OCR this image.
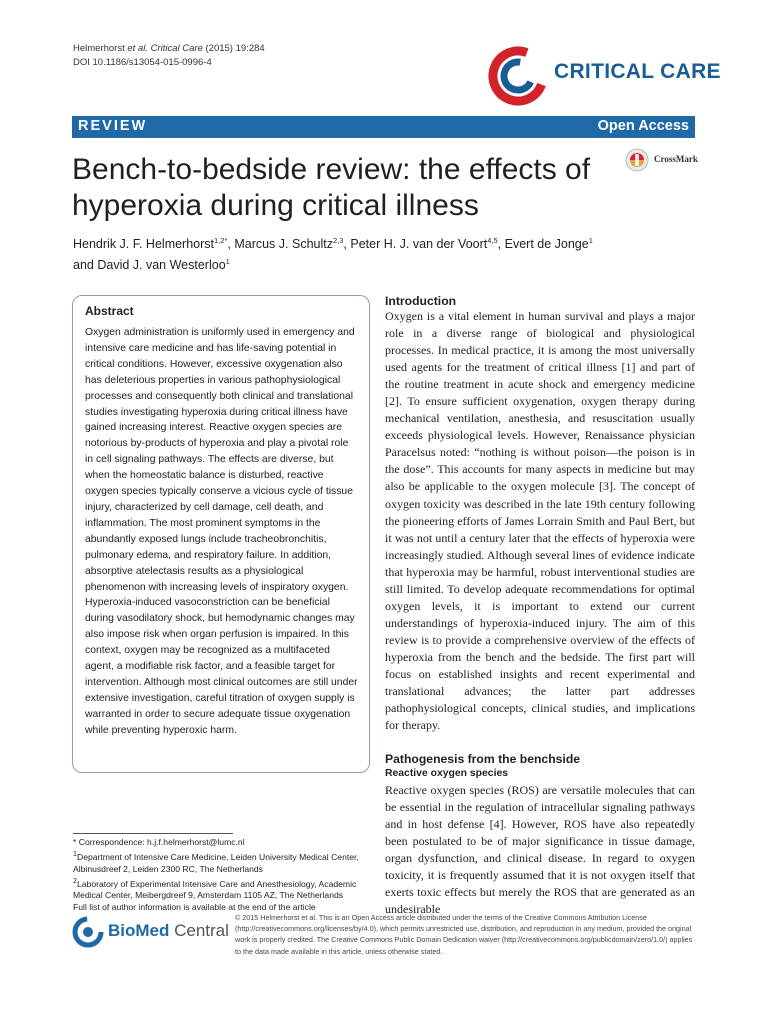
Helmerhorst et al. Critical Care (2015) 19:284
DOI 10.1186/s13054-015-0996-4	CRITICAL CARE
REVIEW	Open Access
Bench-to-bedside review: the effects of
hyperoxia during critical illness
CrossMark
Hendrik J. F. Helmerhorst$^{1,2*}$, Marcus J. Schultz$^{2,3}$, Peter H. J. van der Voort$^{4,5}$, Evert de Jonge$^1$
and David J. van Westerloo$^1$
Abstract
Oxygen administration is uniformly used in emergency and intensive care medicine and has life-saving potential in critical conditions. However, excessive oxygenation also has deleterious properties in various pathophysiological processes and consequently both clinical and translational studies investigating hyperoxia during critical illness have gained increasing interest. Reactive oxygen species are notorious by-products of hyperoxia and play a pivotal role in cell signaling pathways. The effects are diverse, but when the homeostatic balance is disturbed, reactive oxygen species typically conserve a vicious cycle of tissue injury, characterized by cell damage, cell death, and inflammation. The most prominent symptoms in the abundantly exposed lungs include tracheobronchitis, pulmonary edema, and respiratory failure. In addition, absorptive atelectasis results as a physiological phenomenon with increasing levels of inspiratory oxygen. Hyperoxia-induced vasoconstriction can be beneficial during vasodilatory shock, but hemodynamic changes may also impose risk when organ perfusion is impaired. In this context, oxygen may be recognized as a multifaceted agent, a modifiable risk factor, and a feasible target for intervention. Although most clinical outcomes are still under extensive investigation, careful titration of oxygen supply is warranted in order to secure adequate tissue oxygenation while preventing hyperoxic harm.
* Correspondence: h.j.f.helmerhorst@lumc.nl
$^1$Department of Intensive Care Medicine, Leiden University Medical Center, Albinusdreef 2, Leiden 2300 RC, The Netherlands
$^2$Laboratory of Experimental Intensive Care and Anesthesiology, Academic Medical Center, Meibergdreef 9, Amsterdam 1105 AZ, The Netherlands
Full list of author information is available at the end of the article
BioMed Central
© 2015 Helmerhorst et al. This is an Open Access article distributed under the terms of the Creative Commons Attribution License (http://creativecommons.org/licenses/by/4.0), which permits unrestricted use, distribution, and reproduction in any medium, provided the original work is properly credited. The Creative Commons Public Domain Dedication waiver (http://creativecommons.org/publicdomain/zero/1.0/) applies to the data made available in this article, unless otherwise stated.
Introduction
Oxygen is a vital element in human survival and plays a major role in a diverse range of biological and physiological processes. In medical practice, it is among the most universally used agents for the treatment of critical illness [1] and part of the routine treatment in acute shock and emergency medicine [2]. To ensure sufficient oxygenation, oxygen therapy during mechanical ventilation, anesthesia, and resuscitation usually exceeds physiological levels. However, Renaissance physician Paracelsus noted: “nothing is without poison—the poison is in the dose”. This accounts for many aspects in medicine but may also be applicable to the oxygen molecule [3]. The concept of oxygen toxicity was described in the late 19th century following the pioneering efforts of James Lorrain Smith and Paul Bert, but it was not until a century later that the effects of hyperoxia were increasingly studied. Although several lines of evidence indicate that hyperoxia may be harmful, robust interventional studies are still limited. To develop adequate recommendations for optimal oxygen levels, it is important to extend our current understandings of hyperoxia-induced injury. The aim of this review is to provide a comprehensive overview of the effects of hyperoxia from the bench and the bedside. The first part will focus on established insights and recent experimental and translational advances; the latter part addresses pathophysiological concepts, clinical studies, and implications for therapy.
Pathogenesis from the benchside
Reactive oxygen species
Reactive oxygen species (ROS) are versatile molecules that can be essential in the regulation of intracellular signaling pathways and in host defense [4]. However, ROS have also repeatedly been postulated to be of major significance in tissue damage, organ dysfunction, and clinical disease. In regard to oxygen toxicity, it is frequently assumed that it is not oxygen itself that exerts toxic effects but merely the ROS that are generated as an undesirable
